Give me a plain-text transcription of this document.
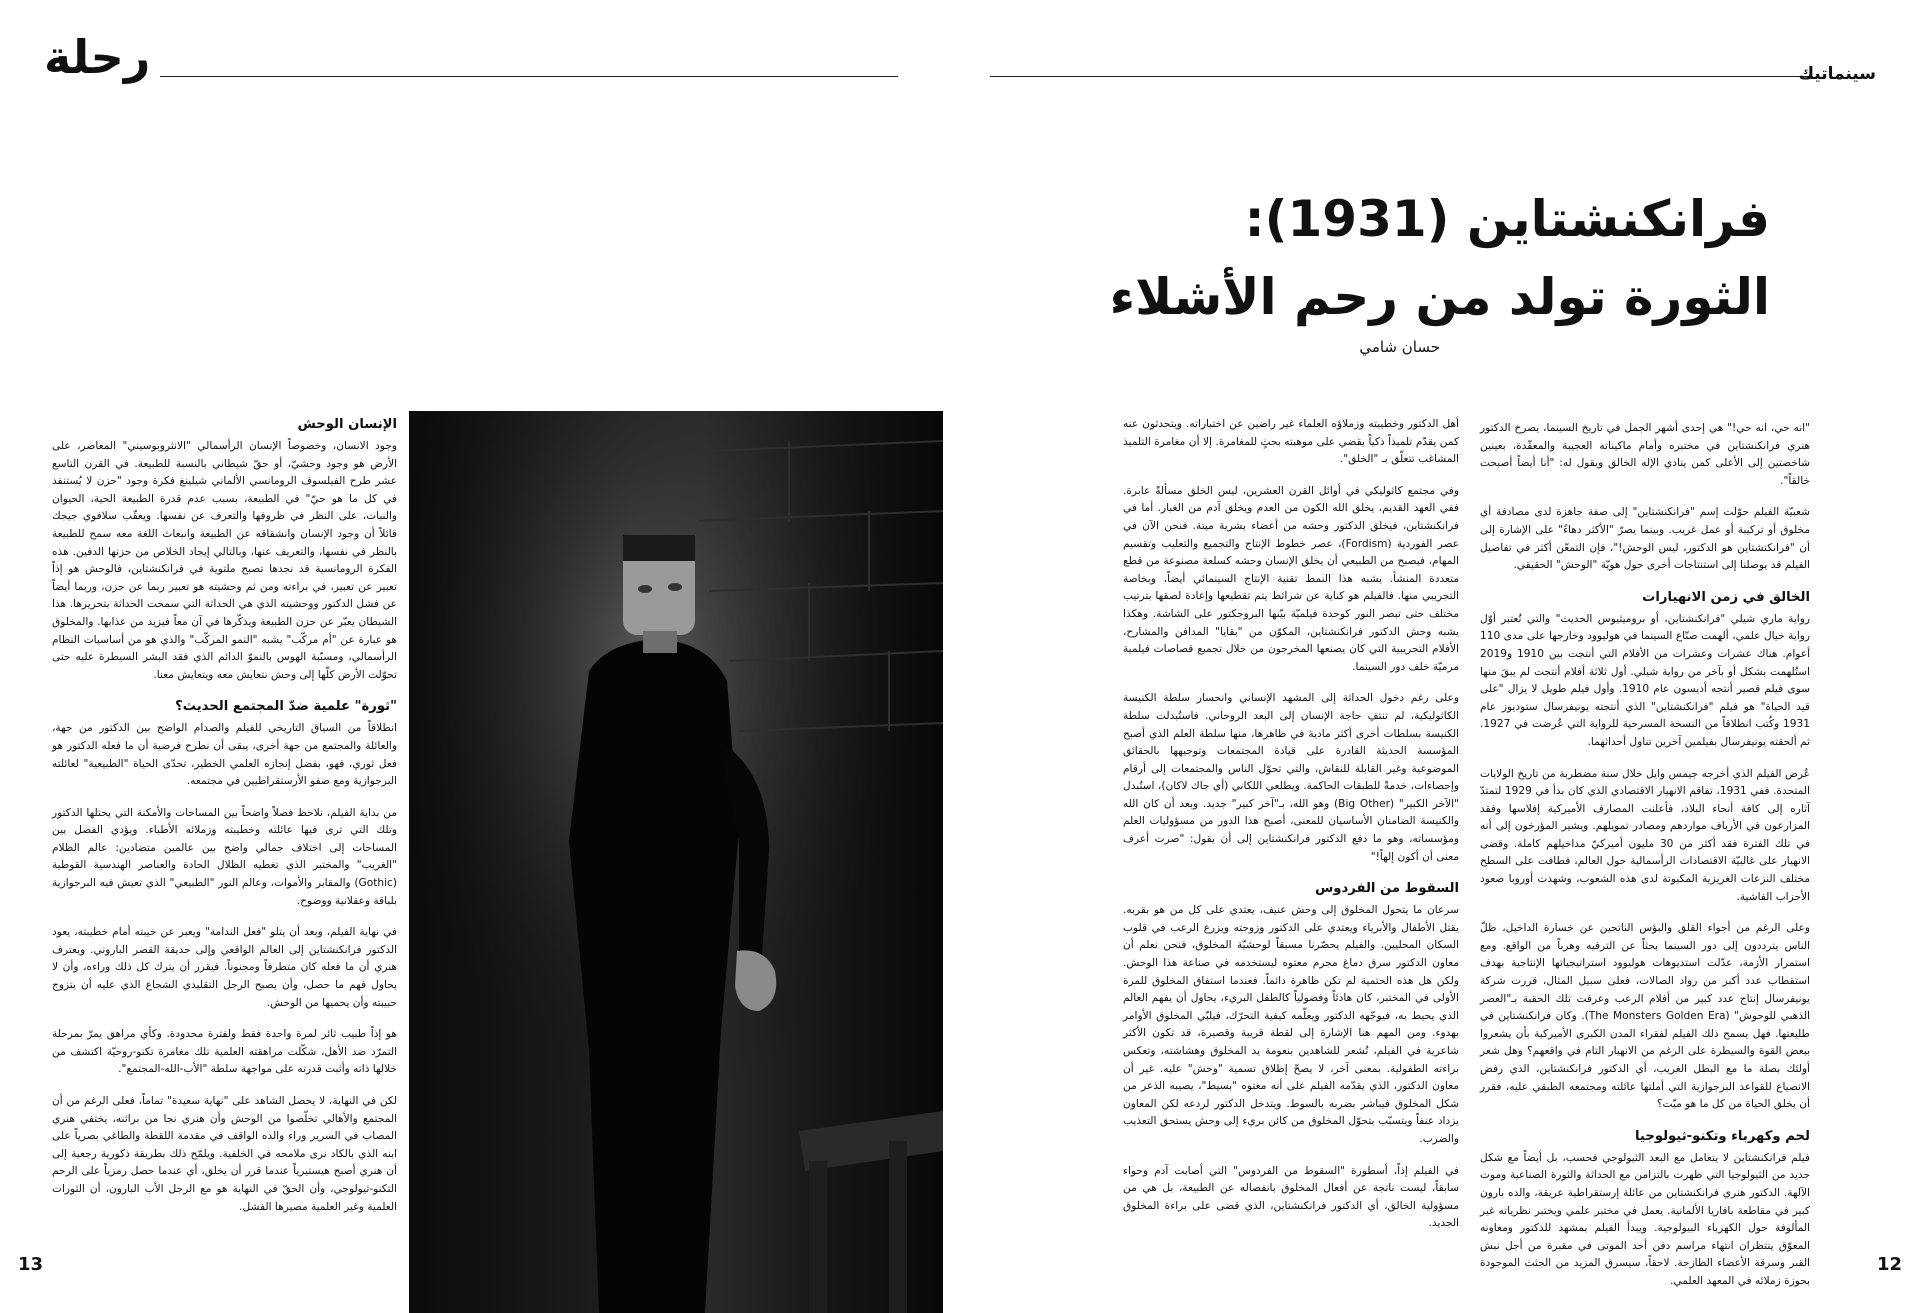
رحلة	سينماتيك
فرانكنشتاين (1931):
الثورة تولد من رحم الأشلاء
حسان شامي

"انه حي، انه حي!" هي إحدى أشهر الجمل في تاريخ السينما، يصرخ الدكتور هنري فرانكنشتاين في مختبره وأمام ماكيناته العجيبة والمعقّدة، بعينين شاخصتين إلى الأعلى كمن ينادي الإله الخالق ويقول له: "أنا أيضاً أصبحت خالقاً".

شعبيّة الفيلم حوّلت إسم "فرانكنشتاين" إلى صفة جاهزة لدى مصادفة أي مخلوق أو تركيبة أو عمل غريب. وبينما يصرّ "الأكثر دهاءً" على الإشارة إلى أن "فرانكنشتاين هو الدكتور، ليس الوحش!"، فإن التمعّن أكثر في تفاصيل الفيلم قد يوصلنا إلى استنتاجات أخرى حول هويّة "الوحش" الحقيقي.

الخالق في زمن الانهيارات

رواية ماري شيلي "فرانكنشتاين، أو بروميثيوس الحديث" والتي تُعتبر أوّل رواية خيال علمي، ألهمت صنّاع السينما في هوليوود وخارجها على مدى 110 أعوام. هناك عشرات وعشرات من الأفلام التي أنتجت بين 1910 و2019 استُلهمت بشكل أو بآخر من رواية شيلي. أول ثلاثة أفلام أنتجت لم يبقَ منها سوى فيلم قصير أنتجه أديسون عام 1910. وأول فيلم طويل لا يزال "على قيد الحياة" هو فيلم "فرانكنشتاين" الذي أنتجته يونيفرسال ستوديوز عام 1931 وكُتب انطلاقاً من النسخة المسرحية للرواية التي عُرضت في 1927. ثم ألحقته يونيفرسال بفيلمين آخرين تناول أحداثهما.

عُرض الفيلم الذي أخرجه جيمس وايل خلال سنة مضطربة من تاريخ الولايات المتحدة. ففي 1931، تفاقم الانهيار الاقتصادي الذي كان بدأ في 1929 لتمتدّ آثاره إلى كافة أنحاء البلاد، فأعلنت المصارف الأميركية إفلاسها وفقد المزارعون في الأرياف مواردهم ومصادر تمويلهم. ويشير المؤرخون إلى أنه في تلك الفترة فقد أكثر من 30 مليون أميركيّ مداخيلهم كاملة. وقضى الانهيار على غالبيّة الاقتصادات الرأسمالية حول العالم، فطافت على السطح مختلف النزعات الغريزية المكبوتة لدى هذه الشعوب، وشهدت أوروبا صعود الأحزاب الفاشية.

وعلى الرغم من أجواء القلق والبؤس الناتجين عن خسارة الداخيل، ظلّ الناس يترددون إلى دور السينما بحثاً عن الترفيه وهرباً من الواقع. ومع استمرار الأزمة، عدّلت استديوهات هوليوود استراتيجياتها الإنتاجية بهدف استقطاب عدد أكبر من رواد الصالات، فعلى سبيل المثال، قررت شركة يونيفرسال إنتاج عدد كبير من أفلام الرعب وعرفت تلك الحقبة بـ"العصر الذهبي للوحوش" (The Monsters Golden Era). وكان فرانكنشتاين في طليعتها. فهل يسمح ذلك الفيلم لفقراء المدن الكبرى الأميركية بأن يشعروا ببعض القوة والسيطرة على الرغم من الانهيار التام في واقعهم؟ وهل شعر أولئك بصلة ما مع البطل الغريب، أي الدكتور فرانكنشتاين، الذي رفض الانصياع للقواعد البرجوازية التي أملتها عائلته ومجتمعه الطبقي عليه، فقرر أن يخلق الحياة من كل ما هو ميّت؟

لحم وكهرباء وتكنو-ثيولوجيا

فيلم فرانكنشتاين لا يتعامل مع البعد الثيولوجي فحسب، بل أيضاً مع شكل جديد من الثيولوجيا التي ظهرت بالتزامن مع الحداثة والثورة الصناعية وموت الآلهة. الدكتور هنري فرانكنشتاين من عائلة إرستقراطية عريقة، والده بارون كبير في مقاطعة بافاريا الألمانية. يعمل في مختبر علمي ويختبر نظرياته غير المألوفة حول الكهرباء البيولوجية. ويبدأ الفيلم بمشهد للدكتور ومعاونه المعوّق ينتظران انتهاء مراسم دفن أحد الموتى في مقبرة من أجل نبش القبر وسرقة الأعضاء الطازجة. لاحقاً، سيسرق المزيد من الجثث الموجودة بحوزة زملائه في المعهد العلمي.

أهل الدكتور وخطيبته وزملاؤه العلماء غير راضين عن اختباراته. ويتحدثون عنه كمن يقدّم تلميذاً ذكياً يقضي على موهبته بحثٍ للمغامرة. إلا أن مغامرة التلميذ المشاغب تتعلّق بـ "الخلق".

وفي مجتمع كاثوليكي في أوائل القرن العشرين، ليس الخلق مسألةً عابرة. ففي العهد القديم، يخلق الله الكون من العدم ويخلق آدم من الغبار. أما في فرانكنشتاين، فيخلق الدكتور وحشه من أعضاء بشرية ميتة. فنحن الآن في عصر الفوردية (Fordism)، عصر خطوط الإنتاج والتجميع والتعليب وتقسيم المهام، فيصبح من الطبيعي أن يخلق الإنسان وحشه كسلعة مصنوعة من قطع متعددة المنشأ. يشبه هذا النمط تقنية الإنتاج السينمائي أيضاً، وبخاصة التجريبي منها. فالفيلم هو كناية عن شرائط يتم تقطيعها وإعادة لصقها بترتيب مختلف حتى تبصر النور كوحدة فيلميّة بيّنها البروجكتور على الشاشة. وهكذا يشبه وحش الدكتور فرانكنشتاين، المكوّن من "بقايا" المدافن والمشارح، الأفلام التجريبية التي كان يصنعها المخرجون من خلال تجميع قصاصات فيلمية مرميّة خلف دور السينما.

وعلى رغم دخول الحداثة إلى المشهد الإنساني وانحسار سلطة الكنيسة الكاثوليكية، لم تنتفِ حاجة الإنسان إلى البعد الروحاني. فاستُبدلت سلطة الكنيسة بسلطات أخرى أكثر مادية في ظاهرها، منها سلطة العلم الذي أصبح المؤسسة الحديثة القادرة على قيادة المجتمعات وتوجيهها بالحقائق الموضوعية وغير القابلة للنقاش، والتي تحوّل الناس والمجتمعات إلى أرقام وإحصاءات، خدمةً للطبقات الحاكمة. ويطلعي اللكاني (أي جاك لاكان)، استُبدل "الآخر الكبير" (Big Other) وهو الله، بـ"آخر كبير" جديد. وبعد أن كان الله والكنيسة الضامنان الأساسيان للمعنى، أصبح هذا الدور من مسؤوليات العلم ومؤسساته، وهو ما دفع الدكتور فرانكنشتاين إلى أن يقول: "صرت أعرف معنى أن أكون إلهاً!"

السقوط من الفردوس

سرعان ما يتحول المخلوق إلى وحش عنيف، يعتدي على كل من هو بقربه. يقتل الأطفال والأبرياء ويعتدي على الدكتور وزوجته ويزرع الرعب في قلوب السكان المحليين. والفيلم يحصّرنا مسبقاً لوحشيّة المخلوق، فنحن نعلم أن معاون الدكتور سرق دماغ مجرم معتوه ليستخدمه في صناعة هذا الوحش. ولكن هل هذه الحتمية لم تكن ظاهرة دائماً. فعندما استفاق المخلوق للمرة الأولى في المختبر، كان هادئاً وفضولياً كالطفل البريء، يحاول أن يفهم العالم الذي يحيط به، فيوجّهه الدكتور ويعلّمه كيفية التحرّك، فيلبّي المخلوق الأوامر بهدوء. ومن المهم هنا الإشارة إلى لقطة قريبة وقصيرة، قد تكون الأكثر شاعرية في الفيلم، تُشعر للشاهدين بنعومة يد المخلوق وهشاشته، وتعكس براءته الطفولية. بمعنى آخر، لا يصحّ إطلاق تسمية "وحش" عليه. غير أن معاون الدكتور، الذي يقدّمه الفيلم على أنه معتوه "بسيط"، يصيبه الذعر من شكل المخلوق فيباشر بضربه بالسوط. ويتدخل الدكتور لردعه لكن المعاون يزداد عنفاً ويتسبّب بتحوّل المخلوق من كائن بريء إلى وحش يستحق التعذيب والضرب.

في الفيلم إذاً، أسطورة "السقوط من الفردوس" التي أصابت آدم وحواء سابقاً، ليست ناتجة عن أفعال المخلوق بانفصاله عن الطبيعة، بل هي من مسؤولية الخالق، أي الدكتور فرانكنشتاين، الذي قضى على براءة المخلوق الجديد.

الإنسان الوحش

وجود الانسان، وخصوصاً الإنسان الرأسمالي "الانثروبوسيني" المعاصر، على الأرض هو وجود وحشيّ، أو حقّ شيطاني بالنسبة للطبيعة. في القرن التاسع عشر طرح الفيلسوف الرومانسي الألماني شيلينغ فكرة وجود "حزن لا يُستنفد في كل ما هو حيّ" في الطبيعة، بسبب عدم قدرة الطبيعة الحية، الحيوان والنبات، على النظر في ظروفها والتعرف عن نفسها. ويعقّب سلافوي جيجك قائلاً أن وجود الإنسان وانشقاقه عن الطبيعة وانبعاث اللغة معه سمح للطبيعة بالنظر في نفسها، والتعريف عنها، وبالتالي إيجاد الخلاص من حزنها الدفين. هذه الفكرة الرومانسية قد نجدها تصبح ملتوية في فرانكنشتاين، فالوحش هو إذاً تعبير عن تعبير، في براءته ومن ثم وحشيته هو تعبير ربما عن حزن، وربما أيضاً عن فشل الدكتور ووحشيته الذي هي الحداثة التي سمحت الحداثة بتحريرها. هذا الشيطان يعبّر عن حزن الطبيعة ويذكّرها في آن معاً فيزيد من عذابها. والمخلوق هو عبارة عن "أم مركّب" يشبه "النمو المركّب" والذي هو من أساسيات النظام الرأسمالي، ومسبّبة الهوس بالنموّ الدائم الذي فقد البشر السيطرة عليه حتى تحوّلت الأرض كلّها إلى وحش نتعايش معه ويتعايش معنا.

"ثورة" علمية ضدّ المجتمع الحديث؟

انطلاقاً من السياق التاريخي للفيلم والصدام الواضح بين الدكتور من جهة، والعائلة والمجتمع من جهة أخرى، يبقى أن نطرح فرضية أن ما فعله الدكتور هو فعل ثوري، فهو، بفضل إنجازه العلمي الخطير، تحدّى الحياة "الطبيعية" لعائلته البرجوازية ومع صفو الأرستقراطيين في مجتمعه.

من بداية الفيلم، نلاحظ فصلاً واضحاً بين المساحات والأمكنة التي يحتلها الدكتور وتلك التي ترى فيها عائلته وخطيبته وزملائه الأطباء. ويؤدي الفصل بين المساحات إلى اختلاف جمالي واضح بين عالمين متضادين: عالم الظلام "الغريب" والمختبر الذي تغطيه الظلال الحادة والعناصر الهندسية القوطية (Gothic) والمقابر والأموات، وعالم النور "الطبيعي" الذي تعيش فيه البرجوازية بلباقة وعقلانية ووضوح.

في نهاية الفيلم، وبعد أن يتلو "فعل الندامة" ويعبر عن خيبته أمام خطيبته، يعود الدكتور فرانكنشتاين إلى العالم الواقعي وإلى حديقة القصر الباروني. ويعترف هنري أن ما فعله كان متطرفاً ومجنوناً. فيقرر أن يترك كل ذلك وراءه، وأن لا يحاول فهم ما حصل، وأن يصبح الرجل التقليدي الشجاع الذي عليه أن يتزوج حبيبته وأن يحميها من الوحش.

هو إذاً طبيب ثائر لمرة واحدة فقط ولفترة محدودة. وكأي مراهق يمرّ بمرحلة التمرّد ضد الأهل، شكّلت مراهقته العلمية تلك مغامرة تكنو-روحيّة اكتشف من خلالها ذاته وأثبت قدرته على مواجهة سلطة "الأب-الله-المجتمع".

لكن في النهاية، لا يحصل الشاهد على "نهاية سعيدة" تماماً، فعلى الرغم من أن المجتمع والأهالي تخلّصوا من الوحش وأن هنري نجا من براثنه، يختفي هنري المصاب في السرير وراء والده الواقف في مقدمة اللقطة والطاغي بصرياً على ابنه الذي بالكاد نرى ملامحه في الخلفية. ويلمّح ذلك بطريقة ذكورية رجعية إلى أن هنري أصبح هيستيرياً عندما قرر أن يخلق، أي عندما حصل رمزياً على الرحم التكنو-ثيولوجي، وأن الحقّ في النهاية هو مع الرجل الأب البارون، أن الثورات العلمية وغير العلمية مصيرها الفشل.

13	12
